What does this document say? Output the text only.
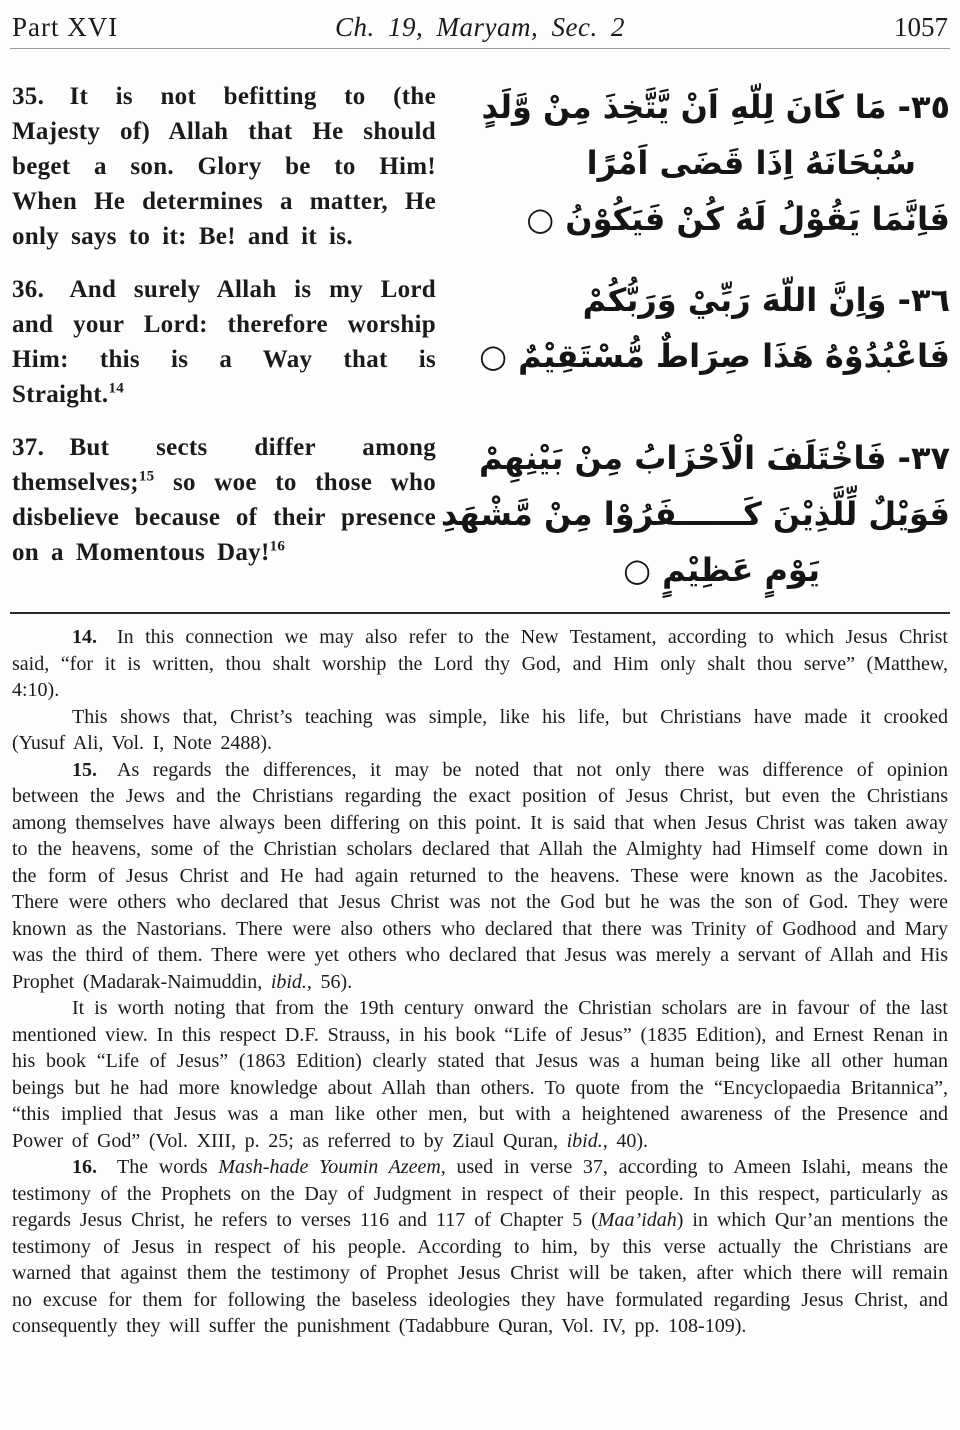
Part XVI	Ch. 19, Maryam, Sec. 2	1057
35. It is not befitting to (the Majesty of) Allah that He should beget a son. Glory be to Him! When He determines a matter, He only says to it: Be! and it is.
٣٥- مَا كَانَ لِلّهِ اَنْ يَّتَّخِذَ مِنْ وَّلَدٍ
سُبْحَانَهُ اِذَا قَضَى اَمْرًا
فَاِنَّمَا يَقُوْلُ لَهُ كُنْ فَيَكُوْنُ ○
36. And surely Allah is my Lord and your Lord: therefore worship Him: this is a Way that is Straight.$^{14}$
٣٦- وَاِنَّ اللّهَ رَبِّيْ وَرَبُّكُمْ
فَاعْبُدُوْهُ هَذَا صِرَاطٌ مُّسْتَقِيْمٌ ○
37. But sects differ among themselves;$^{15}$ so woe to those who disbelieve because of their presence on a Momentous Day!$^{16}$
٣٧- فَاخْتَلَفَ الْاَحْزَابُ مِنْ بَيْنِهِمْ
فَوَيْلٌ لِّلَّذِيْنَ كَــــــفَرُوْا مِنْ مَّشْهَدِ
يَوْمٍ عَظِيْمٍ ○

14. In this connection we may also refer to the New Testament, according to which Jesus Christ said, “for it is written, thou shalt worship the Lord thy God, and Him only shalt thou serve” (Matthew, 4:10).

This shows that, Christ’s teaching was simple, like his life, but Christians have made it crooked (Yusuf Ali, Vol. I, Note 2488).

15. As regards the differences, it may be noted that not only there was difference of opinion between the Jews and the Christians regarding the exact position of Jesus Christ, but even the Christians among themselves have always been differing on this point. It is said that when Jesus Christ was taken away to the heavens, some of the Christian scholars declared that Allah the Almighty had Himself come down in the form of Jesus Christ and He had again returned to the heavens. These were known as the Jacobites. There were others who declared that Jesus Christ was not the God but he was the son of God. They were known as the Nastorians. There were also others who declared that there was Trinity of Godhood and Mary was the third of them. There were yet others who declared that Jesus was merely a servant of Allah and His Prophet (Madarak-Naimuddin, ibid., 56).

It is worth noting that from the 19th century onward the Christian scholars are in favour of the last mentioned view. In this respect D.F. Strauss, in his book “Life of Jesus” (1835 Edition), and Ernest Renan in his book “Life of Jesus” (1863 Edition) clearly stated that Jesus was a human being like all other human beings but he had more knowledge about Allah than others. To quote from the “Encyclopaedia Britannica”, “this implied that Jesus was a man like other men, but with a heightened awareness of the Presence and Power of God” (Vol. XIII, p. 25; as referred to by Ziaul Quran, ibid., 40).

16. The words Mash-hade Youmin Azeem, used in verse 37, according to Ameen Islahi, means the testimony of the Prophets on the Day of Judgment in respect of their people. In this respect, particularly as regards Jesus Christ, he refers to verses 116 and 117 of Chapter 5 (Maa’idah) in which Qur’an mentions the testimony of Jesus in respect of his people. According to him, by this verse actually the Christians are warned that against them the testimony of Prophet Jesus Christ will be taken, after which there will remain no excuse for them for following the baseless ideologies they have formulated regarding Jesus Christ, and consequently they will suffer the punishment (Tadabbure Quran, Vol. IV, pp. 108-109).
